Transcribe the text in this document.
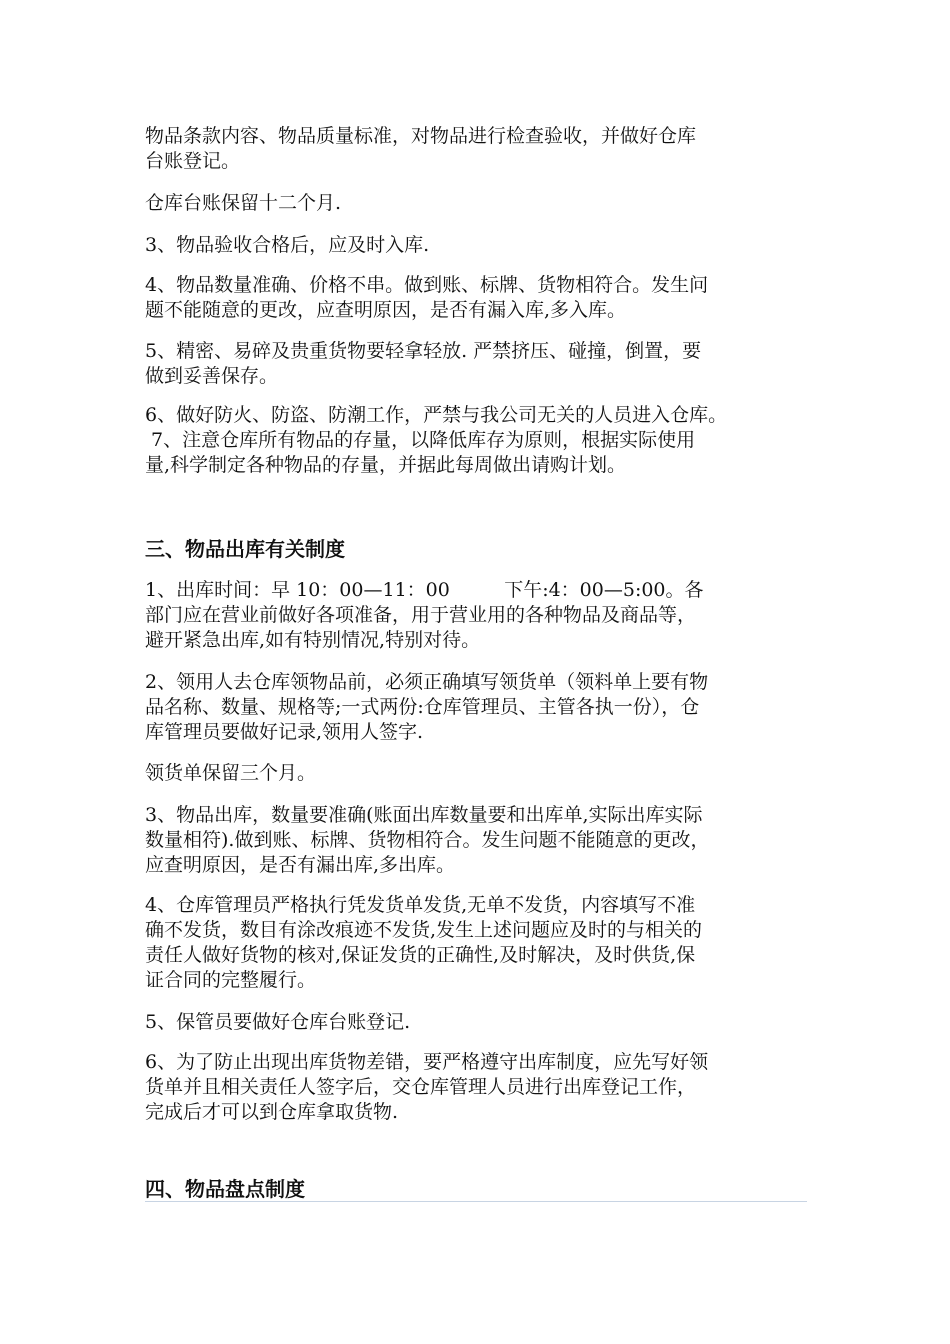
物品条款内容、物品质量标准，对物品进行检查验收，并做好仓库
台账登记。

仓库台账保留十二个月.

3、物品验收合格后，应及时入库.

4、物品数量准确、价格不串。做到账、标牌、货物相符合。发生问
题不能随意的更改，应查明原因，是否有漏入库,多入库。

5、精密、易碎及贵重货物要轻拿轻放. 严禁挤压、碰撞，倒置，要
做到妥善保存。

6、做好防火、防盗、防潮工作，严禁与我公司无关的人员进入仓库。
7、注意仓库所有物品的存量，以降低库存为原则，根据实际使用
量,科学制定各种物品的存量，并据此每周做出请购计划。

三、物品出库有关制度

1、出库时间：早 10：00—11：00         下午:4：00—5:00。各
部门应在营业前做好各项准备，用于营业用的各种物品及商品等，
避开紧急出库,如有特别情况,特别对待。

2、领用人去仓库领物品前，必须正确填写领货单（领料单上要有物
品名称、数量、规格等;一式两份:仓库管理员、主管各执一份），仓
库管理员要做好记录,领用人签字.

领货单保留三个月。

3、物品出库，数量要准确(账面出库数量要和出库单,实际出库实际
数量相符).做到账、标牌、货物相符合。发生问题不能随意的更改，
应查明原因，是否有漏出库,多出库。

4、仓库管理员严格执行凭发货单发货,无单不发货，内容填写不准
确不发货，数目有涂改痕迹不发货,发生上述问题应及时的与相关的
责任人做好货物的核对,保证发货的正确性,及时解决，及时供货,保
证合同的完整履行。

5、保管员要做好仓库台账登记.

6、为了防止出现出库货物差错，要严格遵守出库制度，应先写好领
货单并且相关责任人签字后，交仓库管理人员进行出库登记工作，
完成后才可以到仓库拿取货物.

四、物品盘点制度
